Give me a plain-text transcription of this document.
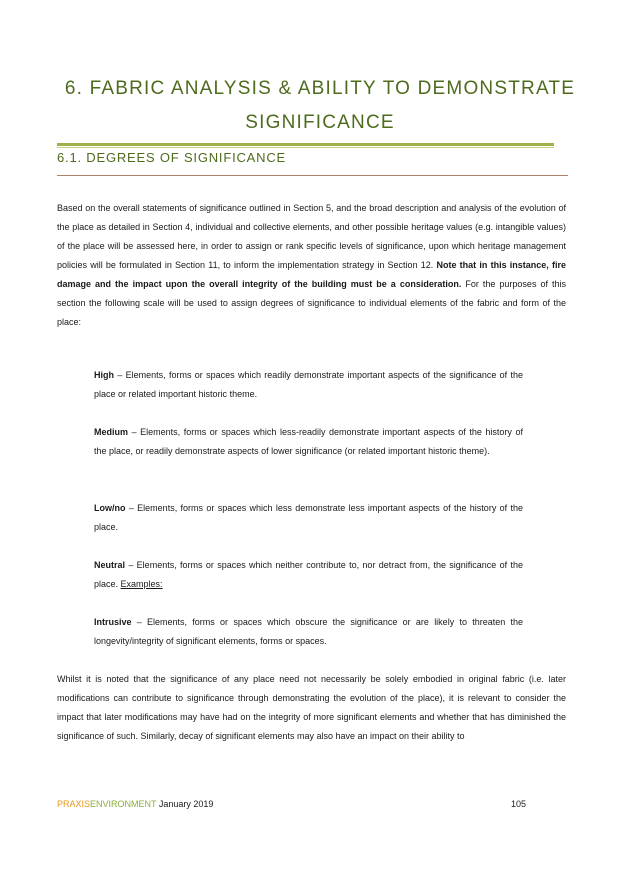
6. FABRIC ANALYSIS & ABILITY TO DEMONSTRATE SIGNIFICANCE
6.1. DEGREES OF SIGNIFICANCE

Based on the overall statements of significance outlined in Section 5, and the broad description and analysis of the evolution of the place as detailed in Section 4, individual and collective elements, and other possible heritage values (e.g. intangible values) of the place will be assessed here, in order to assign or rank specific levels of significance, upon which heritage management policies will be formulated in Section 11, to inform the implementation strategy in Section 12. Note that in this instance, fire damage and the impact upon the overall integrity of the building must be a consideration. For the purposes of this section the following scale will be used to assign degrees of significance to individual elements of the fabric and form of the place:

High – Elements, forms or spaces which readily demonstrate important aspects of the significance of the place or related important historic theme.

Medium – Elements, forms or spaces which less-readily demonstrate important aspects of the history of the place, or readily demonstrate aspects of lower significance (or related important historic theme).

Low/no – Elements, forms or spaces which less demonstrate less important aspects of the history of the place.

Neutral – Elements, forms or spaces which neither contribute to, nor detract from, the significance of the place. Examples:

Intrusive – Elements, forms or spaces which obscure the significance or are likely to threaten the longevity/integrity of significant elements, forms or spaces.

Whilst it is noted that the significance of any place need not necessarily be solely embodied in original fabric (i.e. later modifications can contribute to significance through demonstrating the evolution of the place), it is relevant to consider the impact that later modifications may have had on the integrity of more significant elements and whether that has diminished the significance of such. Similarly, decay of significant elements may also have an impact on their ability to

PRAXISENVIRONMENT January 2019	105
